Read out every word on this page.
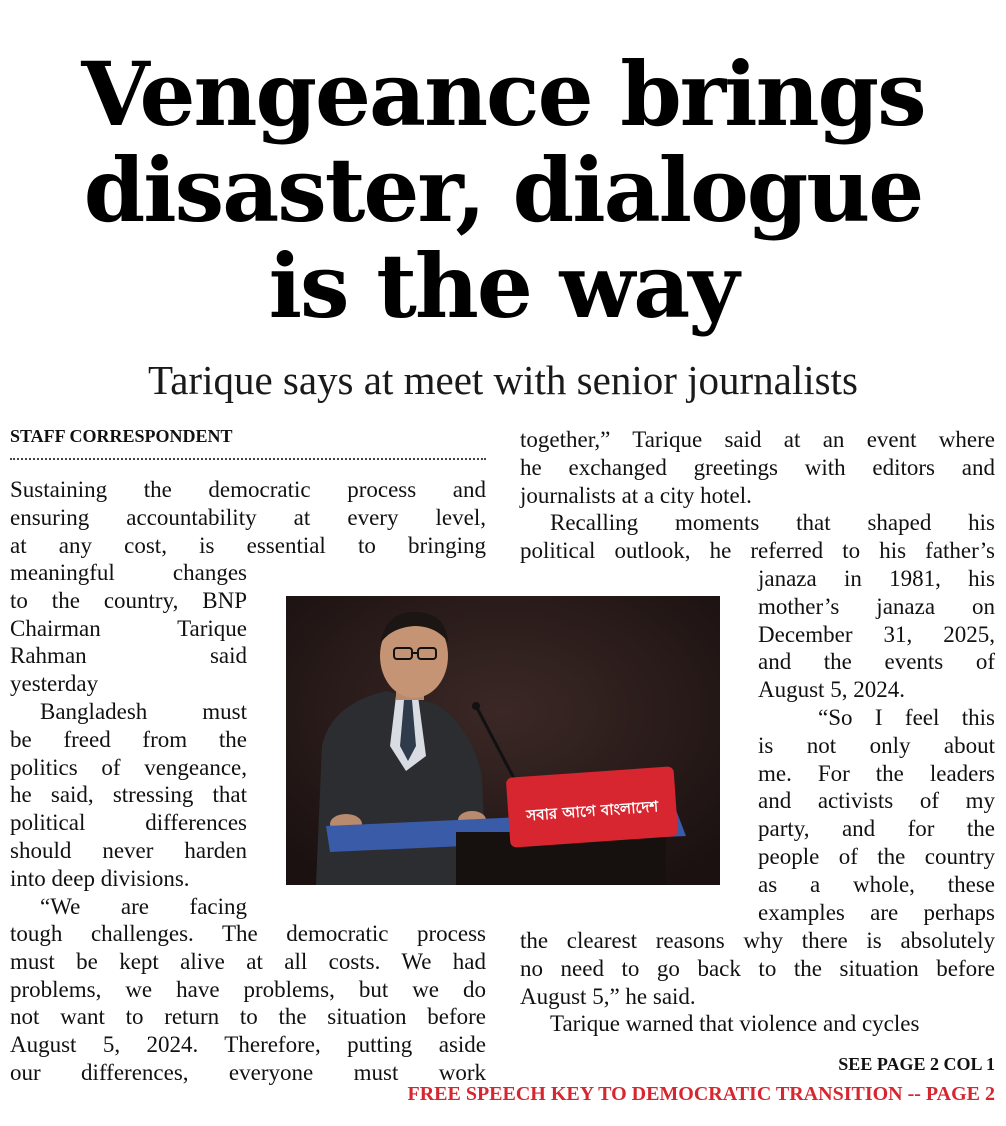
Vengeance brings
disaster, dialogue
is the way
Tarique says at meet with senior journalists
STAFF CORRESPONDENT
Sustaining the democratic process and
ensuring accountability at every level,
at any cost, is essential to bringing
meaningful changes
to the country, BNP
Chairman Tarique
Rahman said
yesterday
Bangladesh must
be freed from the
politics of vengeance,
he said, stressing that
political differences
should never harden
into deep divisions.
“We are facing
tough challenges. The democratic process
must be kept alive at all costs. We had
problems, we have problems, but we do
not want to return to the situation before
August 5, 2024. Therefore, putting aside
our differences, everyone must work
together,” Tarique said at an event where
he exchanged greetings with editors and
journalists at a city hotel.
Recalling moments that shaped his
political outlook, he referred to his father’s
janaza in 1981, his
mother’s janaza on
December 31, 2025,
and the events of
August 5, 2024.
“So I feel this
is not only about
me. For the leaders
and activists of my
party, and for the
people of the country
as a whole, these
examples are perhaps
the clearest reasons why there is absolutely
no need to go back to the situation before
August 5,” he said.
Tarique warned that violence and cycles
সবার আগে বাংলাদেশ
SEE PAGE 2 COL 1
FREE SPEECH KEY TO DEMOCRATIC TRANSITION -- PAGE 2
